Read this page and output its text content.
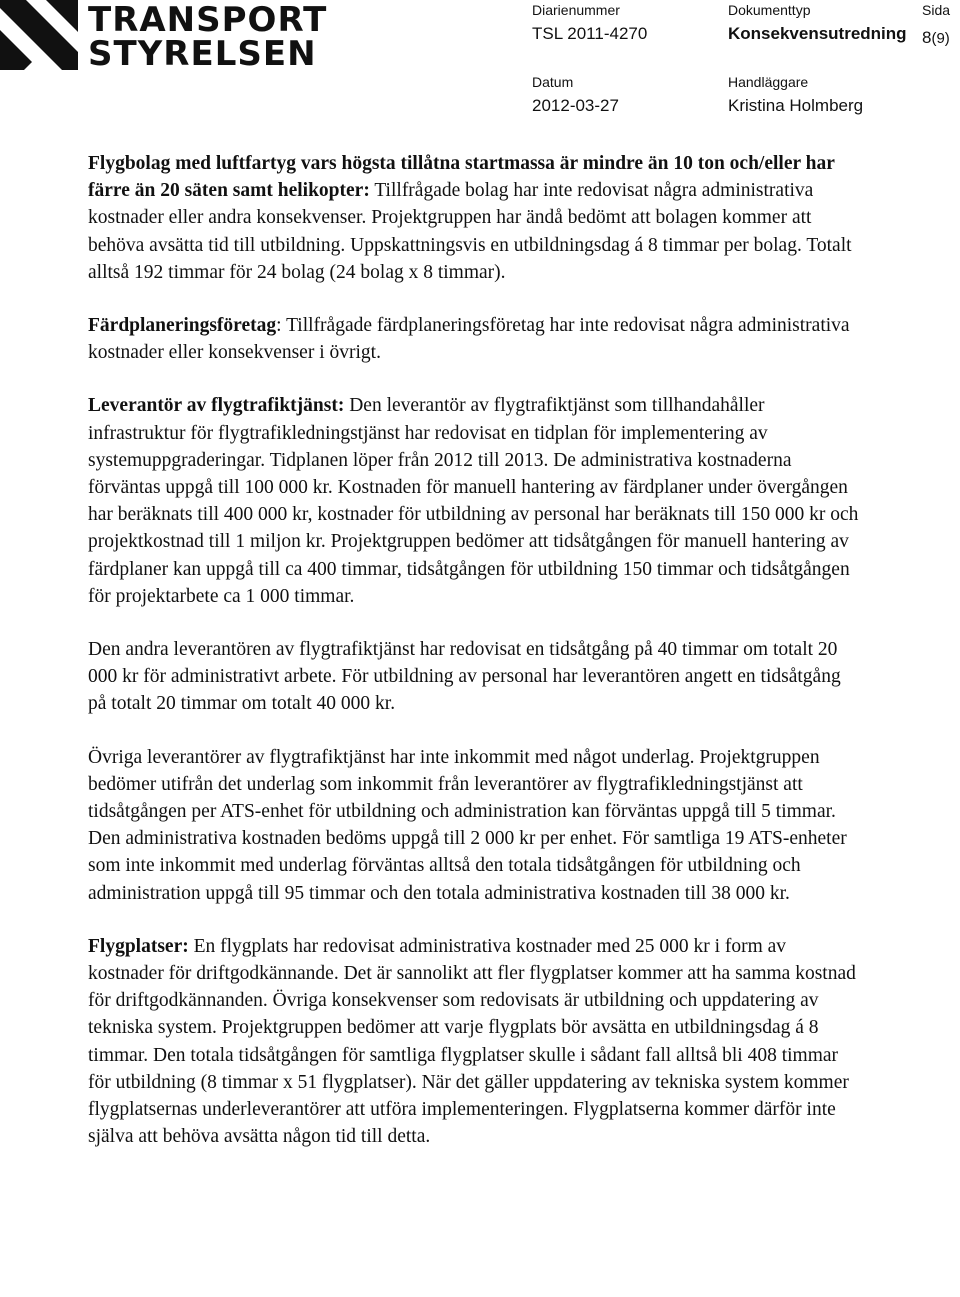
TRANSPORT
STYRELSEN
Diarienummer
TSL 2011-4270
Dokumenttyp
Konsekvensutredning
Sida
8(9)
Datum
2012-03-27
Handläggare
Kristina Holmberg

Flygbolag med luftfartyg vars högsta tillåtna startmassa är mindre än 10 ton och/eller har färre än 20 säten samt helikopter: Tillfrågade bolag har inte redovisat några administrativa kostnader eller andra konsekvenser. Projektgruppen har ändå bedömt att bolagen kommer att behöva avsätta tid till utbildning. Uppskattningsvis en utbildningsdag á 8 timmar per bolag. Totalt alltså 192 timmar för 24 bolag (24 bolag x 8 timmar).

Färdplaneringsföretag: Tillfrågade färdplaneringsföretag har inte redovisat några administrativa kostnader eller konsekvenser i övrigt.

Leverantör av flygtrafiktjänst: Den leverantör av flygtrafiktjänst som tillhandahåller infrastruktur för flygtrafikledningstjänst har redovisat en tidplan för implementering av systemuppgraderingar. Tidplanen löper från 2012 till 2013. De administrativa kostnaderna förväntas uppgå till 100 000 kr. Kostnaden för manuell hantering av färdplaner under övergången har beräknats till 400 000 kr, kostnader för utbildning av personal har beräknats till 150 000 kr och projektkostnad till 1 miljon kr. Projektgruppen bedömer att tidsåtgången för manuell hantering av färdplaner kan uppgå till ca 400 timmar, tidsåtgången för utbildning 150 timmar och tidsåtgången för projektarbete ca 1 000 timmar.

Den andra leverantören av flygtrafiktjänst har redovisat en tidsåtgång på 40 timmar om totalt 20 000 kr för administrativt arbete. För utbildning av personal har leverantören angett en tidsåtgång på totalt 20 timmar om totalt 40 000 kr.

Övriga leverantörer av flygtrafiktjänst har inte inkommit med något underlag. Projektgruppen bedömer utifrån det underlag som inkommit från leverantörer av flygtrafikledningstjänst att tidsåtgången per ATS-enhet för utbildning och administration kan förväntas uppgå till 5 timmar. Den administrativa kostnaden bedöms uppgå till 2 000 kr per enhet. För samtliga 19 ATS-enheter som inte inkommit med underlag förväntas alltså den totala tidsåtgången för utbildning och administration uppgå till 95 timmar och den totala administrativa kostnaden till 38 000 kr.

Flygplatser: En flygplats har redovisat administrativa kostnader med 25 000 kr i form av kostnader för driftgodkännande. Det är sannolikt att fler flygplatser kommer att ha samma kostnad för driftgodkännanden. Övriga konsekvenser som redovisats är utbildning och uppdatering av tekniska system. Projektgruppen bedömer att varje flygplats bör avsätta en utbildningsdag á 8 timmar. Den totala tidsåtgången för samtliga flygplatser skulle i sådant fall alltså bli 408 timmar för utbildning (8 timmar x 51 flygplatser). När det gäller uppdatering av tekniska system kommer flygplatsernas underleverantörer att utföra implementeringen. Flygplatserna kommer därför inte själva att behöva avsätta någon tid till detta.
